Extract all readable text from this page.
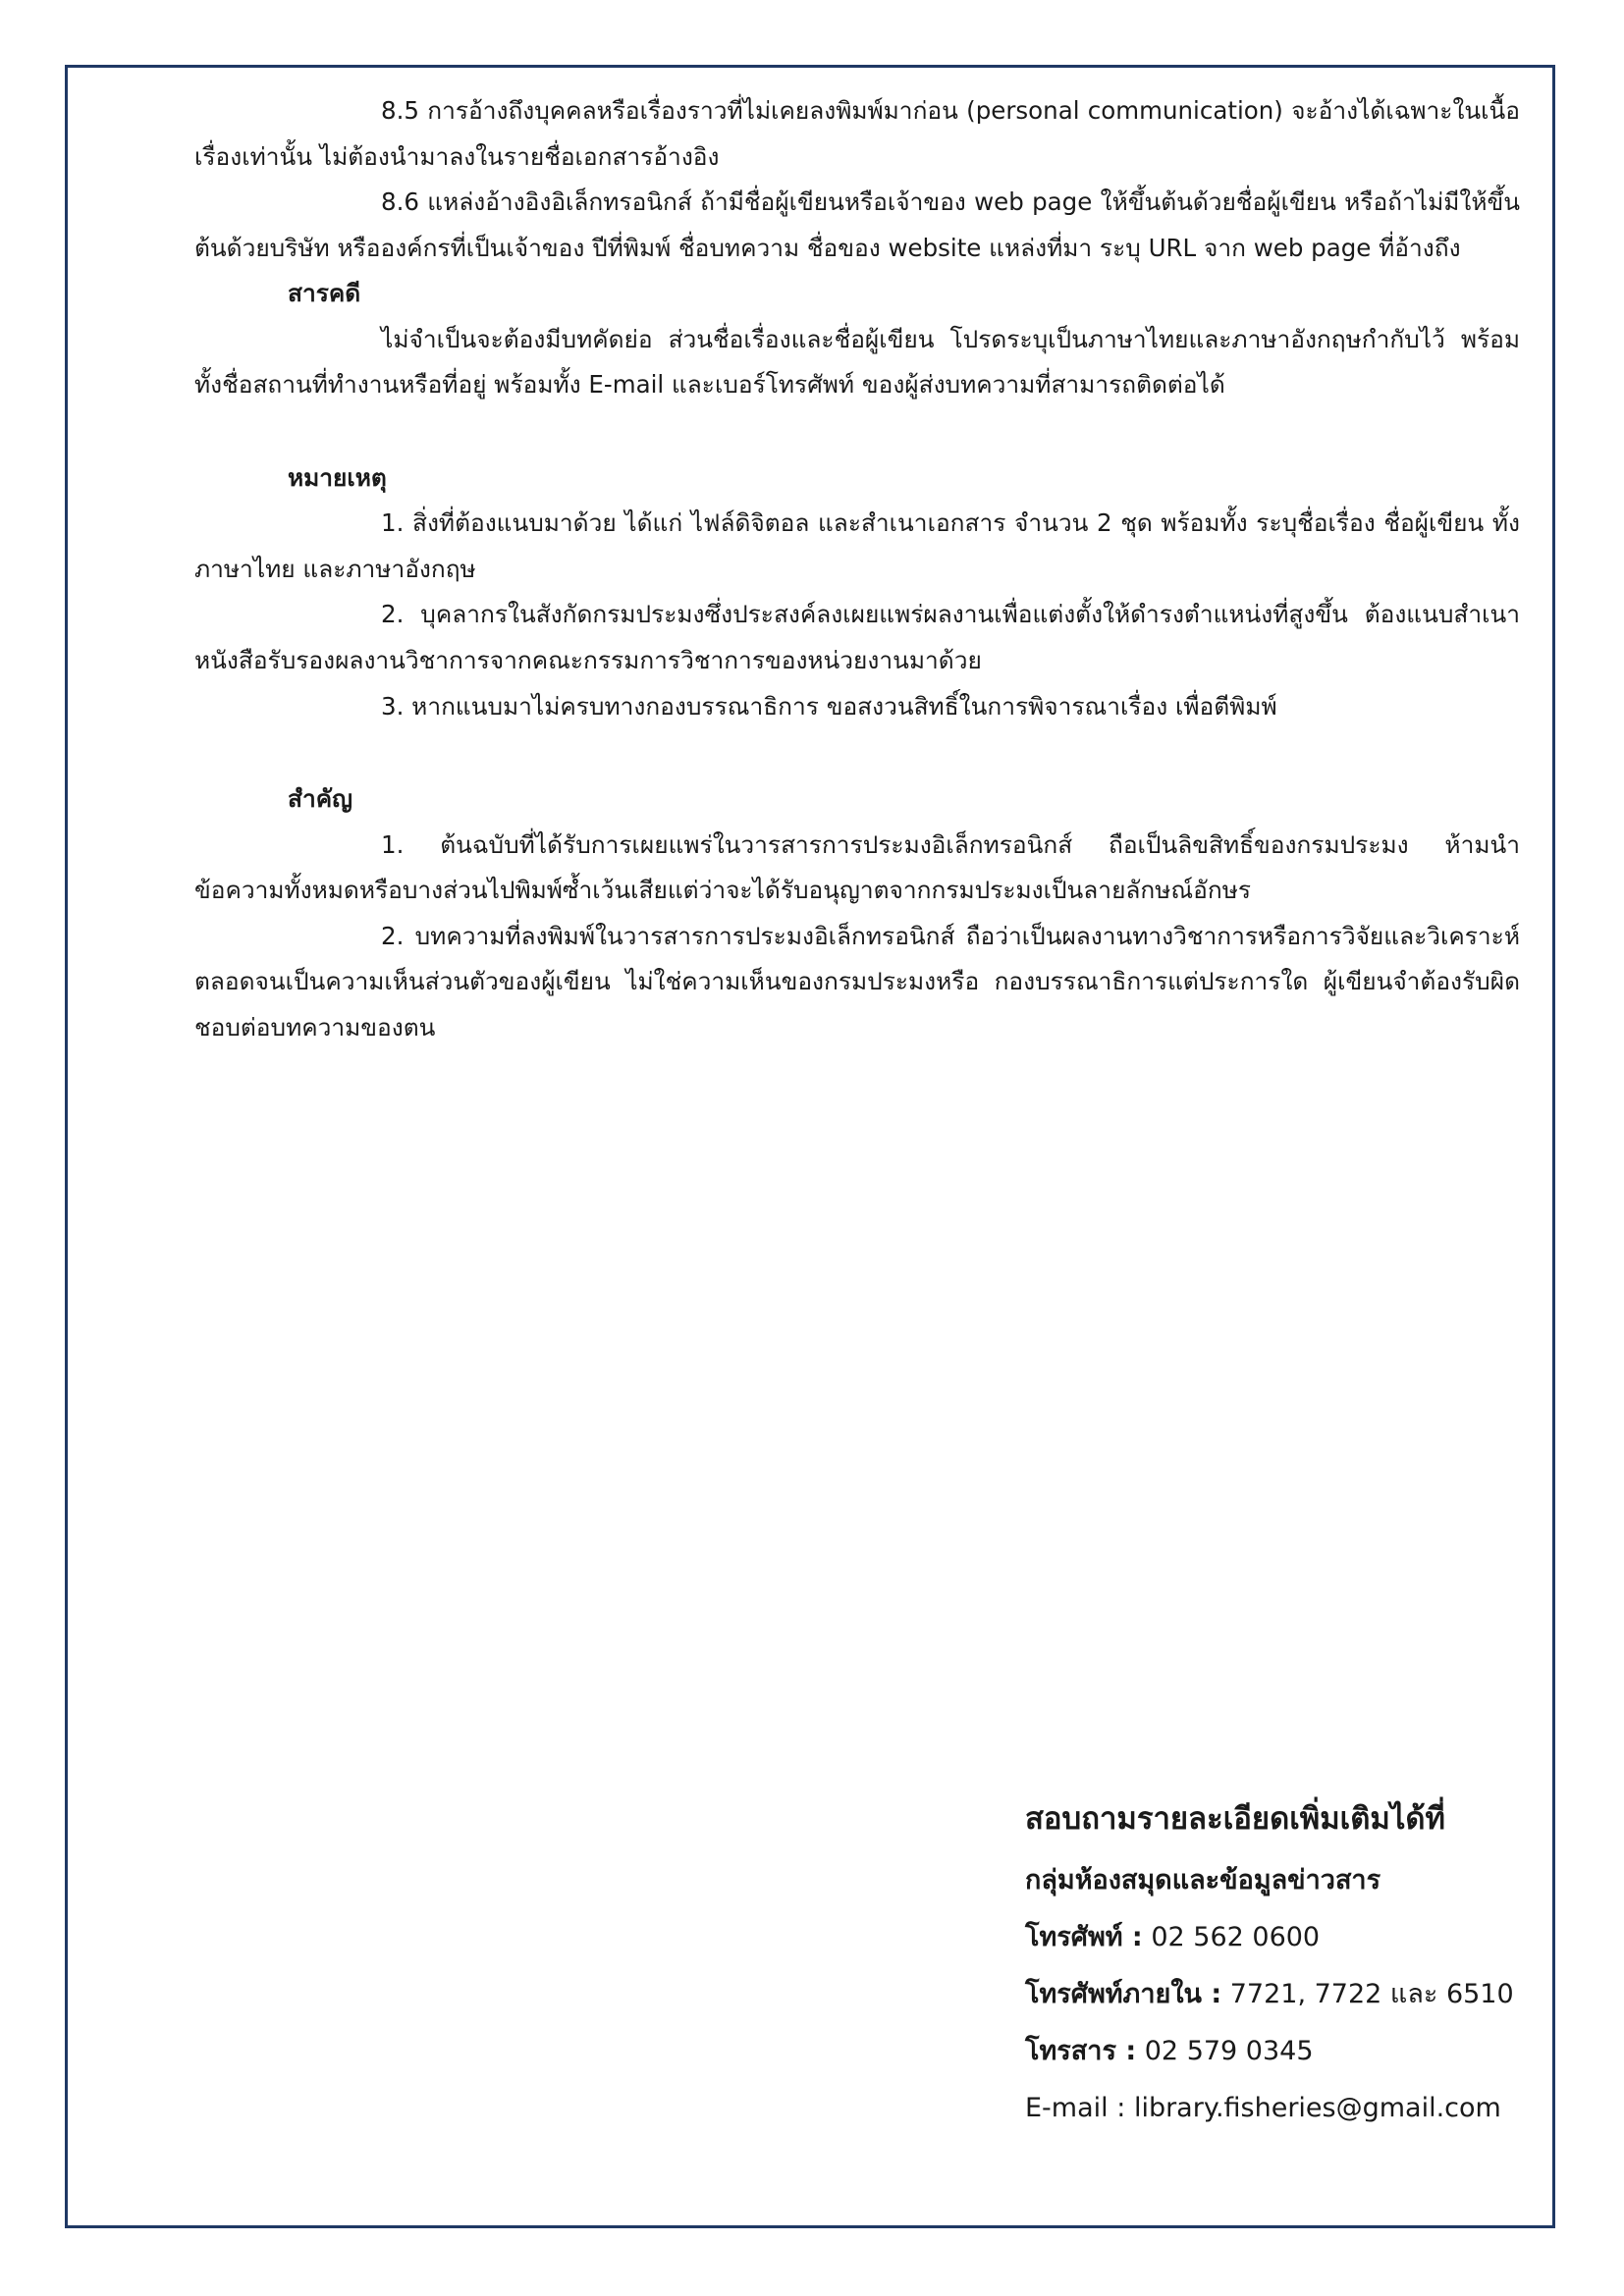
8.5 การอ้างถึงบุคคลหรือเรื่องราวที่ไม่เคยลงพิมพ์มาก่อน (personal communication) จะอ้างได้เฉพาะในเนื้อเรื่องเท่านั้น ไม่ต้องนำมาลงในรายชื่อเอกสารอ้างอิง

8.6 แหล่งอ้างอิงอิเล็กทรอนิกส์ ถ้ามีชื่อผู้เขียนหรือเจ้าของ web page ให้ขึ้นต้นด้วยชื่อผู้เขียน หรือถ้าไม่มีให้ขึ้นต้นด้วยบริษัท หรือองค์กรที่เป็นเจ้าของ ปีที่พิมพ์ ชื่อบทความ ชื่อของ website แหล่งที่มา ระบุ URL จาก web page ที่อ้างถึง

สารคดี

ไม่จำเป็นจะต้องมีบทคัดย่อ ส่วนชื่อเรื่องและชื่อผู้เขียน โปรดระบุเป็นภาษาไทยและภาษาอังกฤษกำกับไว้ พร้อมทั้งชื่อสถานที่ทำงานหรือที่อยู่ พร้อมทั้ง E-mail และเบอร์โทรศัพท์ ของผู้ส่งบทความที่สามารถติดต่อได้

หมายเหตุ

1. สิ่งที่ต้องแนบมาด้วย ได้แก่ ไฟล์ดิจิตอล และสำเนาเอกสาร จำนวน 2 ชุด พร้อมทั้ง ระบุชื่อเรื่อง ชื่อผู้เขียน ทั้งภาษาไทย และภาษาอังกฤษ

2. บุคลากรในสังกัดกรมประมงซึ่งประสงค์ลงเผยแพร่ผลงานเพื่อแต่งตั้งให้ดำรงตำแหน่งที่สูงขึ้น ต้องแนบสำเนาหนังสือรับรองผลงานวิชาการจากคณะกรรมการวิชาการของหน่วยงานมาด้วย

3. หากแนบมาไม่ครบทางกองบรรณาธิการ ขอสงวนสิทธิ์ในการพิจารณาเรื่อง เพื่อตีพิมพ์

สำคัญ

1. ต้นฉบับที่ได้รับการเผยแพร่ในวารสารการประมงอิเล็กทรอนิกส์ ถือเป็นลิขสิทธิ์ของกรมประมง ห้ามนำข้อความทั้งหมดหรือบางส่วนไปพิมพ์ซ้ำเว้นเสียแต่ว่าจะได้รับอนุญาตจากกรมประมงเป็นลายลักษณ์อักษร

2. บทความที่ลงพิมพ์ในวารสารการประมงอิเล็กทรอนิกส์ ถือว่าเป็นผลงานทางวิชาการหรือการวิจัยและวิเคราะห์ ตลอดจนเป็นความเห็นส่วนตัวของผู้เขียน ไม่ใช่ความเห็นของกรมประมงหรือ กองบรรณาธิการแต่ประการใด ผู้เขียนจำต้องรับผิดชอบต่อบทความของตน

สอบถามรายละเอียดเพิ่มเติมได้ที่
กลุ่มห้องสมุดและข้อมูลข่าวสาร
โทรศัพท์ : 02 562 0600
โทรศัพท์ภายใน : 7721, 7722 และ 6510
โทรสาร : 02 579 0345
E-mail : library.fisheries@gmail.com
